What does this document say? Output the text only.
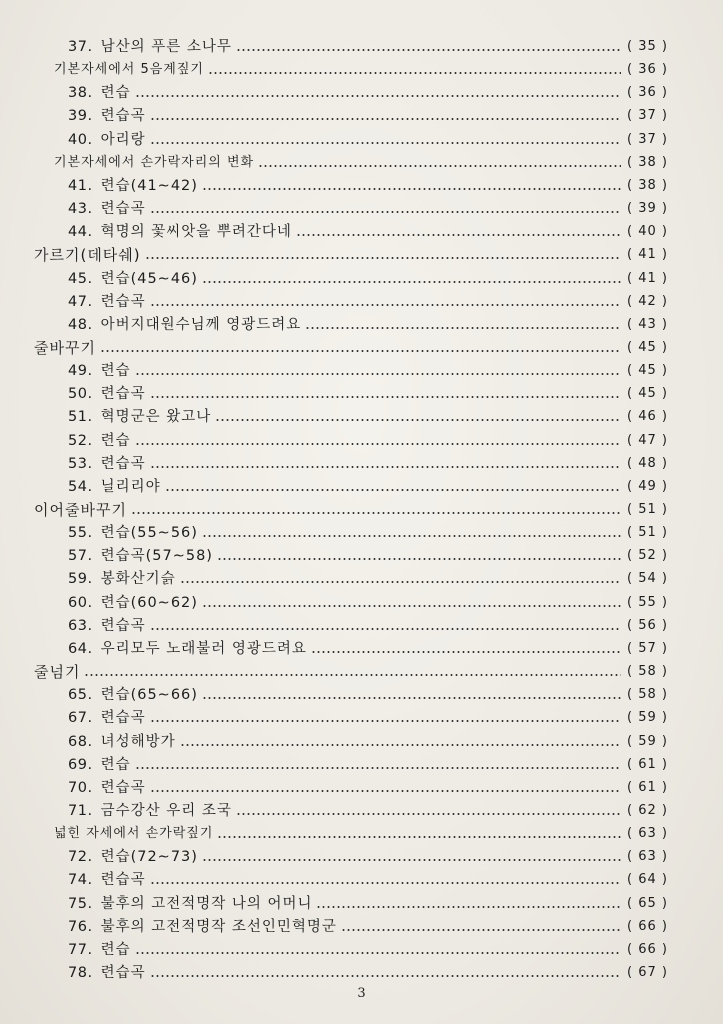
37. 남산의 푸른 소나무	( 35 )
기본자세에서 5음계짚기	( 36 )
38. 련습	( 36 )
39. 련습곡	( 37 )
40. 아리랑	( 37 )
기본자세에서 손가락자리의 변화	( 38 )
41. 련습(41∼42)	( 38 )
43. 련습곡	( 39 )
44. 혁명의 꽃씨앗을 뿌려간다네	( 40 )
가르기(데타쉐)	( 41 )
45. 련습(45∼46)	( 41 )
47. 련습곡	( 42 )
48. 아버지대원수님께 영광드려요	( 43 )
줄바꾸기	( 45 )
49. 련습	( 45 )
50. 련습곡	( 45 )
51. 혁명군은 왔고나	( 46 )
52. 련습	( 47 )
53. 련습곡	( 48 )
54. 닐리리야	( 49 )
이어줄바꾸기	( 51 )
55. 련습(55∼56)	( 51 )
57. 련습곡(57∼58)	( 52 )
59. 봉화산기슭	( 54 )
60. 련습(60∼62)	( 55 )
63. 련습곡	( 56 )
64. 우리모두 노래불러 영광드려요	( 57 )
줄넘기	( 58 )
65. 련습(65∼66)	( 58 )
67. 련습곡	( 59 )
68. 녀성해방가	( 59 )
69. 련습	( 61 )
70. 련습곡	( 61 )
71. 금수강산 우리 조국	( 62 )
넓힌 자세에서 손가락짚기	( 63 )
72. 련습(72∼73)	( 63 )
74. 련습곡	( 64 )
75. 불후의 고전적명작 나의 어머니	( 65 )
76. 불후의 고전적명작 조선인민혁명군	( 66 )
77. 련습	( 66 )
78. 련습곡	( 67 )
3
